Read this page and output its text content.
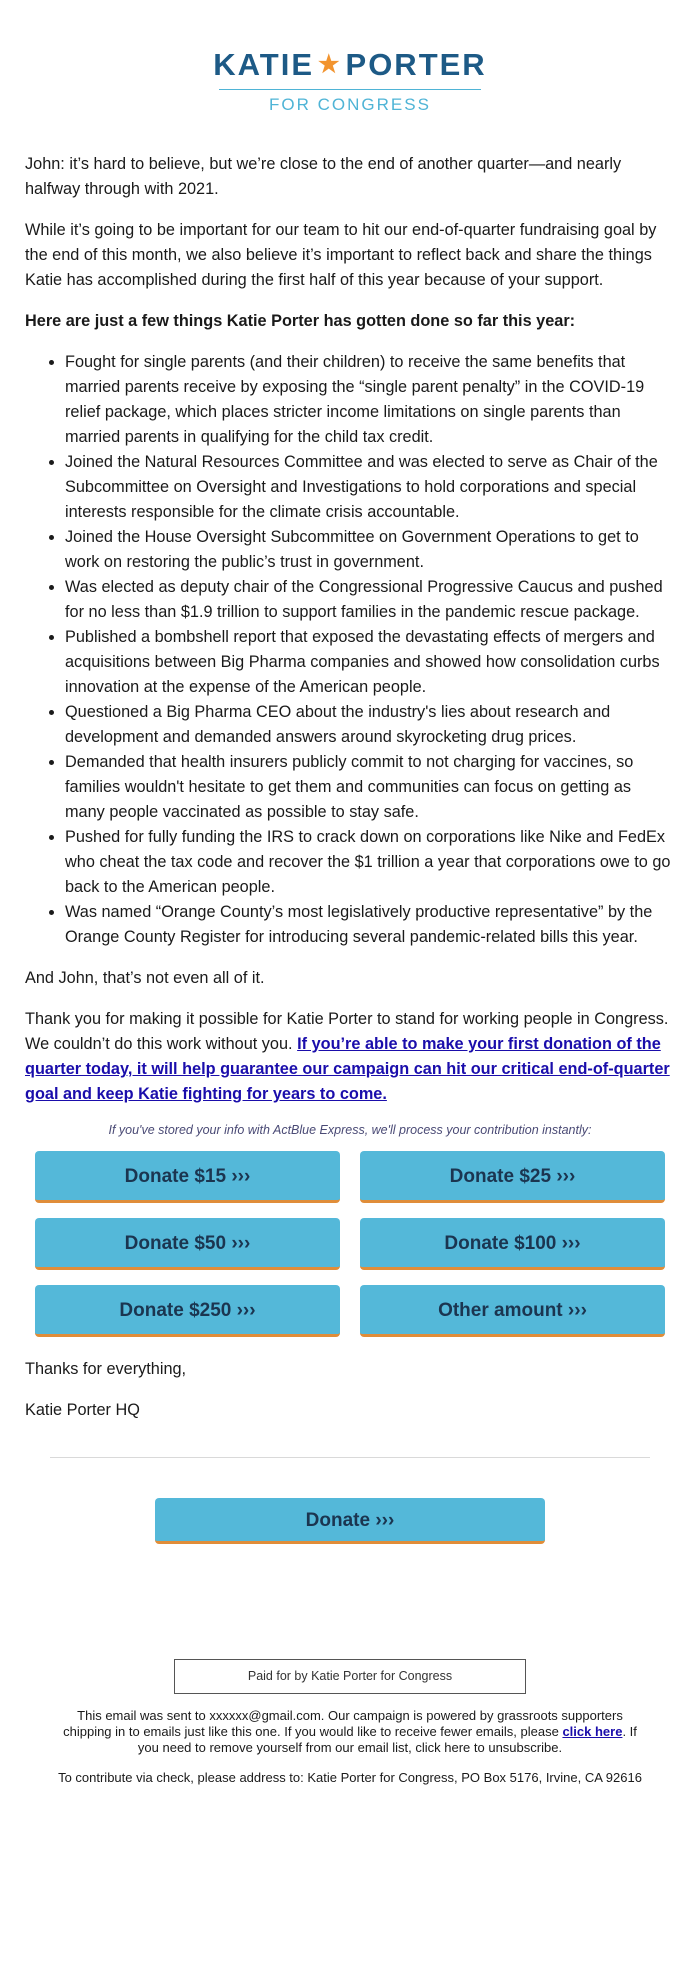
KATIE ★ PORTER
FOR CONGRESS

John: it’s hard to believe, but we’re close to the end of another quarter—and nearly halfway through with 2021.

While it’s going to be important for our team to hit our end-of-quarter fundraising goal by the end of this month, we also believe it’s important to reflect back and share the things Katie has accomplished during the first half of this year because of your support.

Here are just a few things Katie Porter has gotten done so far this year:

• Fought for single parents (and their children) to receive the same benefits that married parents receive by exposing the “single parent penalty” in the COVID-19 relief package, which places stricter income limitations on single parents than married parents in qualifying for the child tax credit.
• Joined the Natural Resources Committee and was elected to serve as Chair of the Subcommittee on Oversight and Investigations to hold corporations and special interests responsible for the climate crisis accountable.
• Joined the House Oversight Subcommittee on Government Operations to get to work on restoring the public’s trust in government.
• Was elected as deputy chair of the Congressional Progressive Caucus and pushed for no less than $1.9 trillion to support families in the pandemic rescue package.
• Published a bombshell report that exposed the devastating effects of mergers and acquisitions between Big Pharma companies and showed how consolidation curbs innovation at the expense of the American people.
• Questioned a Big Pharma CEO about the industry's lies about research and development and demanded answers around skyrocketing drug prices.
• Demanded that health insurers publicly commit to not charging for vaccines, so families wouldn't hesitate to get them and communities can focus on getting as many people vaccinated as possible to stay safe.
• Pushed for fully funding the IRS to crack down on corporations like Nike and FedEx who cheat the tax code and recover the $1 trillion a year that corporations owe to go back to the American people.
• Was named “Orange County’s most legislatively productive representative” by the Orange County Register for introducing several pandemic-related bills this year.

And John, that’s not even all of it.

Thank you for making it possible for Katie Porter to stand for working people in Congress. We couldn’t do this work without you. If you’re able to make your first donation of the quarter today, it will help guarantee our campaign can hit our critical end-of-quarter goal and keep Katie fighting for years to come.

If you've stored your info with ActBlue Express, we'll process your contribution instantly:
Donate $15 ›››	Donate $25 ›››
Donate $50 ›››	Donate $100 ›››
Donate $250 ›››	Other amount ›››

Thanks for everything,

Katie Porter HQ

Donate ›››
Paid for by Katie Porter for Congress

This email was sent to xxxxxx@gmail.com. Our campaign is powered by grassroots supporters chipping in to emails just like this one. If you would like to receive fewer emails, please click here. If you need to remove yourself from our email list, click here to unsubscribe.

To contribute via check, please address to: Katie Porter for Congress, PO Box 5176, Irvine, CA 92616
